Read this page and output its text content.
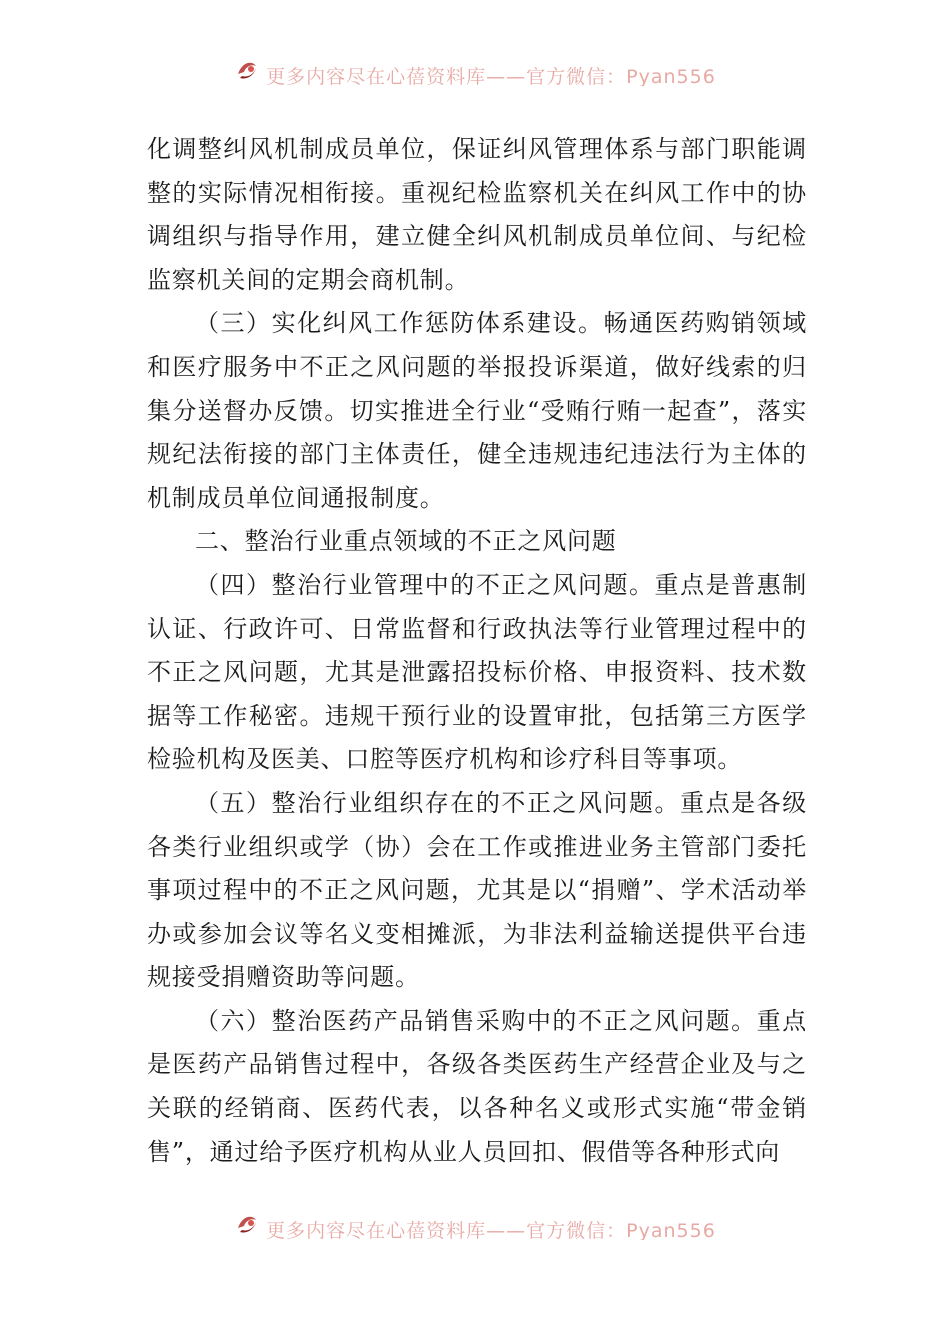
更多内容尽在心蓓资料库——官方微信：Pyan556

化调整纠风机制成员单位，保证纠风管理体系与部门职能调整的实际情况相衔接。重视纪检监察机关在纠风工作中的协调组织与指导作用，建立健全纠风机制成员单位间、与纪检监察机关间的定期会商机制。

（三）实化纠风工作惩防体系建设。畅通医药购销领域和医疗服务中不正之风问题的举报投诉渠道，做好线索的归集分送督办反馈。切实推进全行业“受贿行贿一起查”，落实规纪法衔接的部门主体责任，健全违规违纪违法行为主体的机制成员单位间通报制度。

二、整治行业重点领域的不正之风问题

（四）整治行业管理中的不正之风问题。重点是普惠制认证、行政许可、日常监督和行政执法等行业管理过程中的不正之风问题，尤其是泄露招投标价格、申报资料、技术数据等工作秘密。违规干预行业的设置审批，包括第三方医学检验机构及医美、口腔等医疗机构和诊疗科目等事项。

（五）整治行业组织存在的不正之风问题。重点是各级各类行业组织或学（协）会在工作或推进业务主管部门委托事项过程中的不正之风问题，尤其是以“捐赠”、学术活动举办或参加会议等名义变相摊派，为非法利益输送提供平台违规接受捐赠资助等问题。

（六）整治医药产品销售采购中的不正之风问题。重点是医药产品销售过程中，各级各类医药生产经营企业及与之关联的经销商、医药代表，以各种名义或形式实施“带金销售”，通过给予医疗机构从业人员回扣、假借等各种形式向

更多内容尽在心蓓资料库——官方微信：Pyan556
